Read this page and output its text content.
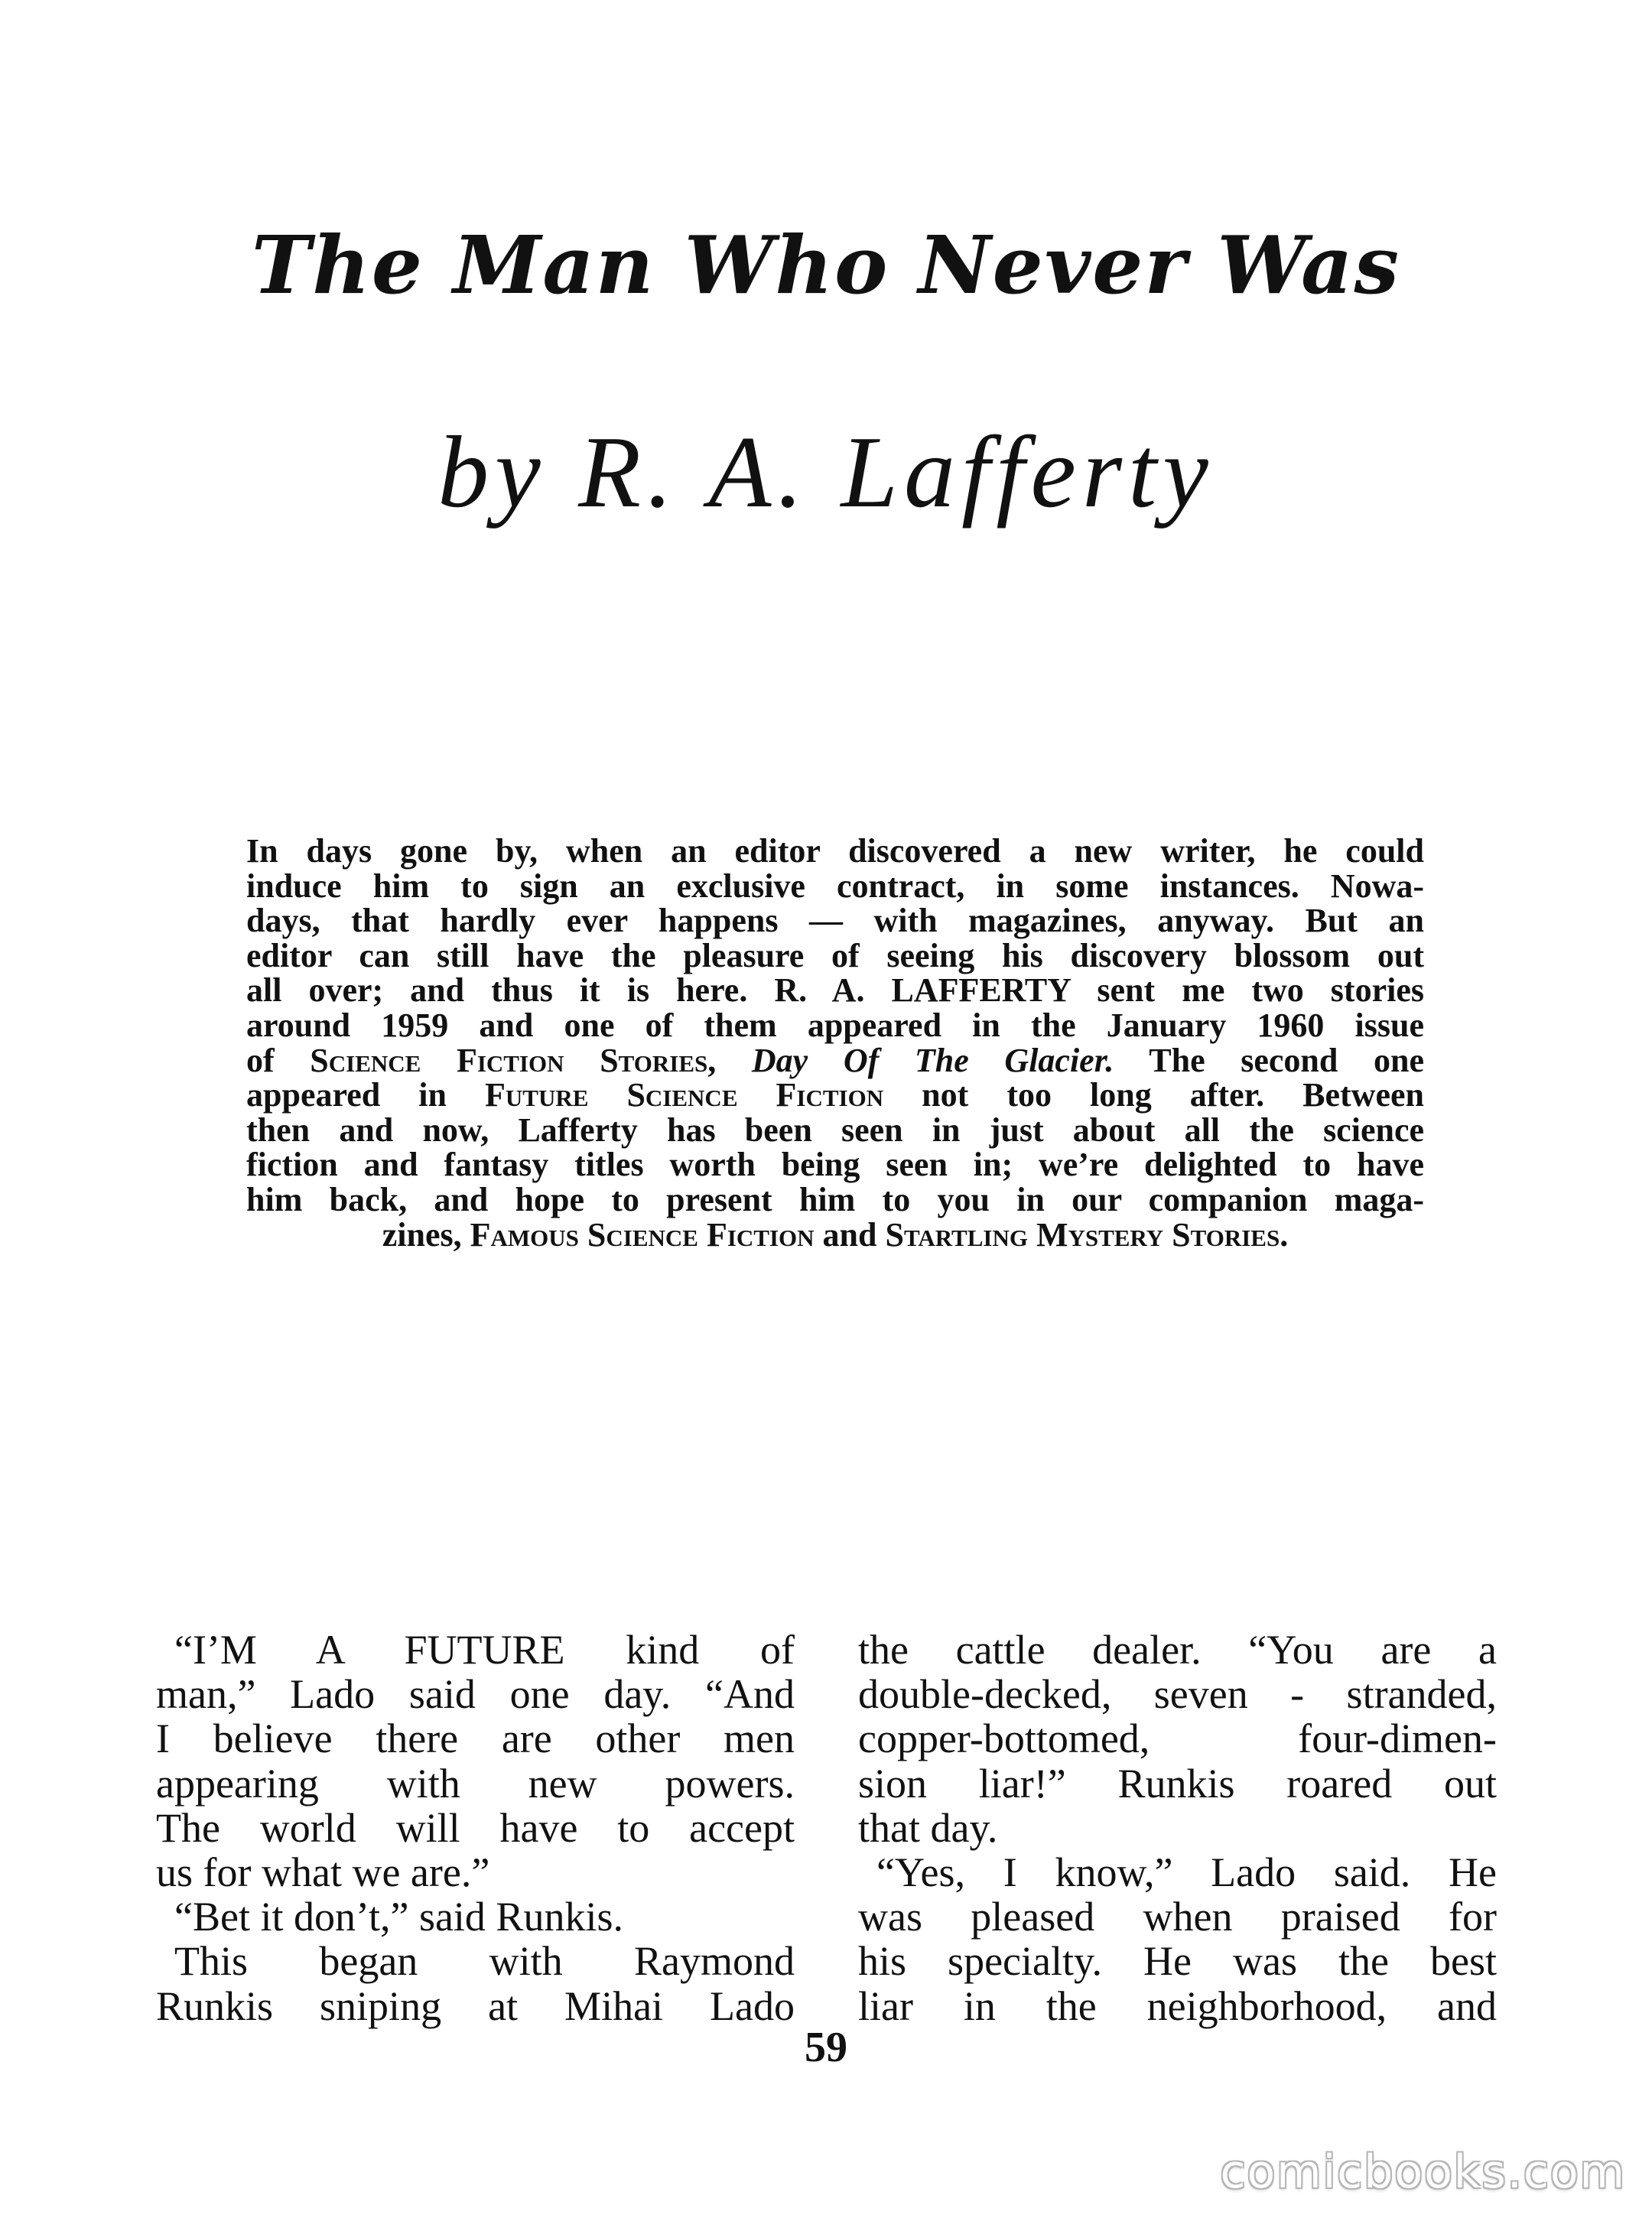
The Man Who Never Was
by R. A. Lafferty
In days gone by, when an editor discovered a new writer, he could
induce him to sign an exclusive contract, in some instances. Nowa-
days, that hardly ever happens — with magazines, anyway. But an
editor can still have the pleasure of seeing his discovery blossom out
all over; and thus it is here. R. A. LAFFERTY sent me two stories
around 1959 and one of them appeared in the January 1960 issue
of Science Fiction Stories, Day Of The Glacier. The second one
appeared in Future Science Fiction not too long after. Between
then and now, Lafferty has been seen in just about all the science
fiction and fantasy titles worth being seen in; we’re delighted to have
him back, and hope to present him to you in our companion maga-
zines, Famous Science Fiction and Startling Mystery Stories.
“I’M A FUTURE kind of
man,” Lado said one day. “And
I believe there are other men
appearing with new powers.
The world will have to accept
us for what we are.”
“Bet it don’t,” said Runkis.
This began with Raymond
Runkis sniping at Mihai Lado
the cattle dealer. “You are a
double-decked, seven - stranded,
copper-bottomed, four-dimen-
sion liar!” Runkis roared out
that day.
“Yes, I know,” Lado said. He
was pleased when praised for
his specialty. He was the best
liar in the neighborhood, and
59
comicbooks.com
